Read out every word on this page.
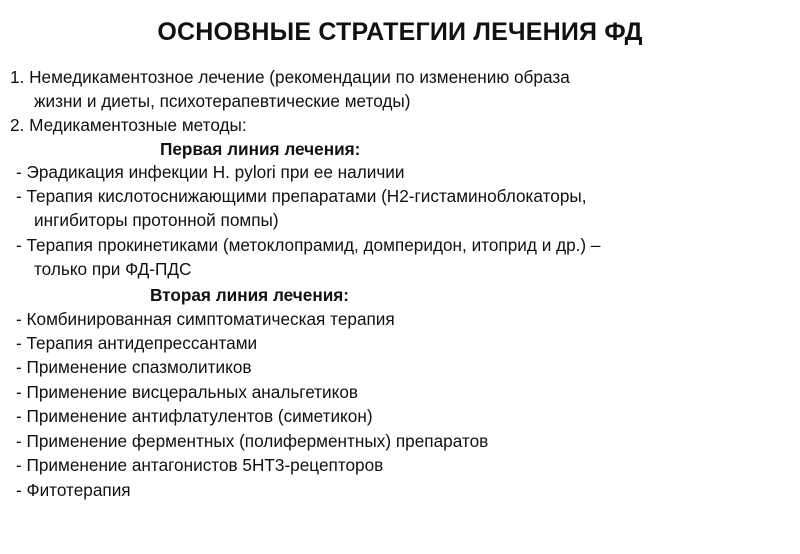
ОСНОВНЫЕ СТРАТЕГИИ ЛЕЧЕНИЯ ФД
1. Немедикаментозное лечение (рекомендации по изменению образа
жизни и диеты, психотерапевтические методы)
2. Медикаментозные методы:
Первая линия лечения:
- Эрадикация инфекции H. pylori при ее наличии
- Терапия кислотоснижающими препаратами (Н2-гистаминоблокаторы,
ингибиторы протонной помпы)
- Терапия прокинетиками (метоклопрамид, домперидон, итоприд и др.) –
только при ФД-ПДС
Вторая линия лечения:
- Комбинированная симптоматическая терапия
- Терапия антидепрессантами
- Применение спазмолитиков
- Применение висцеральных анальгетиков
- Применение антифлатулентов (симетикон)
- Применение ферментных (полиферментных) препаратов
- Применение антагонистов 5НТ3-рецепторов
- Фитотерапия
